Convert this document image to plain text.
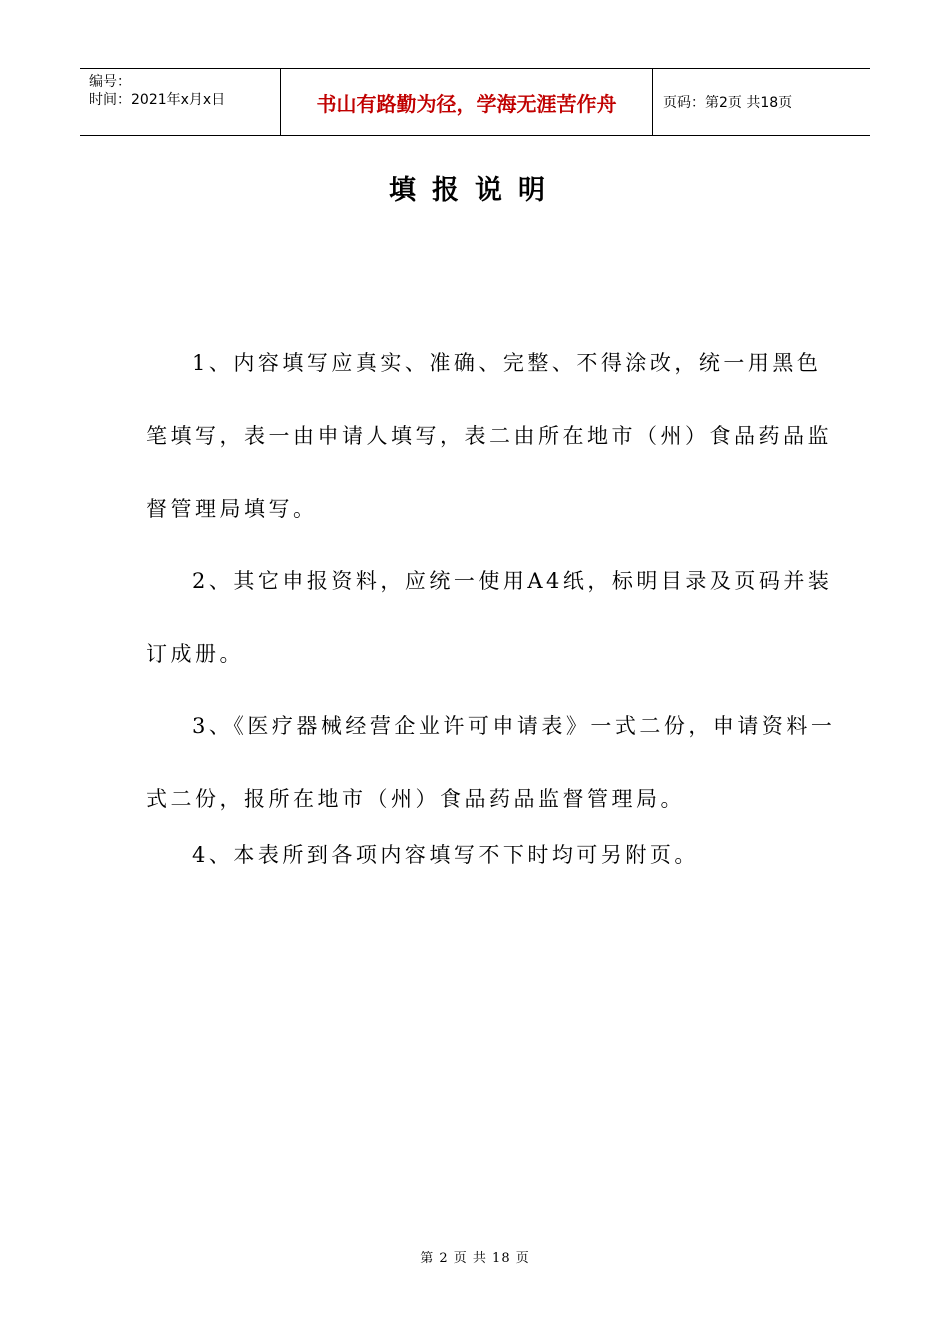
编号：
时间：2021年x月x日	书山有路勤为径，学海无涯苦作舟	页码：第2页 共18页
填报说明

1、内容填写应真实、准确、完整、不得涂改，统一用黑色笔填写，表一由申请人填写，表二由所在地市（州）食品药品监督管理局填写。

2、其它申报资料，应统一使用A4纸，标明目录及页码并装订成册。

3、《医疗器械经营企业许可申请表》一式二份，申请资料一式二份，报所在地市（州）食品药品监督管理局。

4、本表所到各项内容填写不下时均可另附页。

第 2 页 共 18 页
